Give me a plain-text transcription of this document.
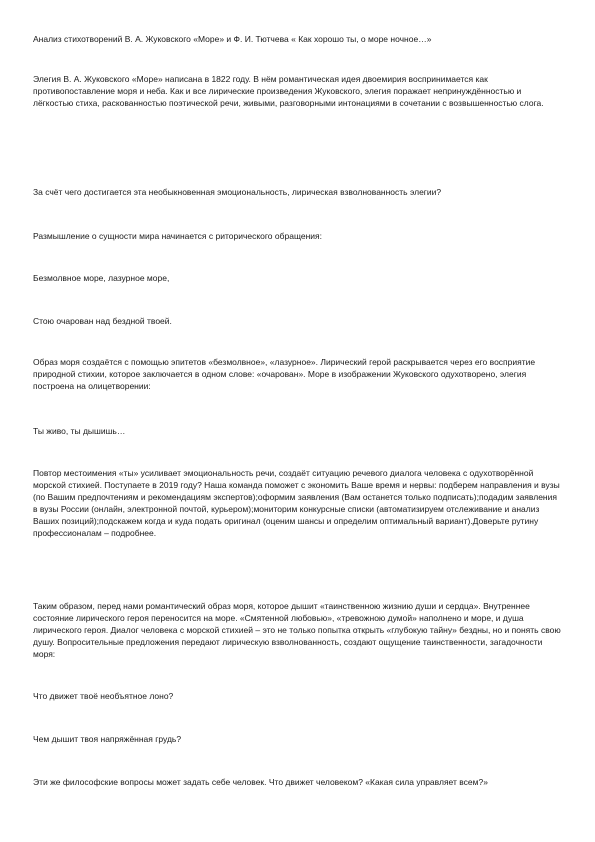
Анализ стихотворений В. А. Жуковского «Море» и Ф. И. Тютчева « Как хорошо ты, о море ночное…»

Элегия В. А. Жуковского «Море» написана в 1822 году. В нём романтическая идея двоемирия воспринимается как противопоставление моря и неба. Как и все лирические произведения Жуковского, элегия поражает непринуждённостью и лёгкостью стиха, раскованностью поэтической речи, живыми, разговорными интонациями в сочетании с возвышенностью слога.

За счёт чего достигается эта необыкновенная эмоциональность, лирическая взволнованность элегии?

Размышление о сущности мира начинается с риторического обращения:

Безмолвное море, лазурное море,

Стою очарован над бездной твоей.

Образ моря создаётся с помощью эпитетов «безмолвное», «лазурное». Лирический герой раскрывается через его восприятие природной стихии, которое заключается в одном слове: «очарован». Море в изображении Жуковского одухотворено, элегия построена на олицетворении:

Ты живо, ты дышишь…

Повтор местоимения «ты» усиливает эмоциональность речи, создаёт ситуацию речевого диалога человека с одухотворённой морской стихией. Поступаете в 2019 году? Наша команда поможет с экономить Ваше время и нервы: подберем направления и вузы (по Вашим предпочтениям и рекомендациям экспертов);оформим заявления (Вам останется только подписать);подадим заявления в вузы России (онлайн, электронной почтой, курьером);мониторим конкурсные списки (автоматизируем отслеживание и анализ Ваших позиций);подскажем когда и куда подать оригинал (оценим шансы и определим оптимальный вариант).Доверьте рутину профессионалам – подробнее.

Таким образом, перед нами романтический образ моря, которое дышит «таинственною жизнию души и сердца». Внутреннее состояние лирического героя переносится на море. «Смятенной любовью», «тревожною думой» наполнено и море, и душа лирического героя. Диалог человека с морской стихией – это не только попытка открыть «глубокую тайну» бездны, но и понять свою душу. Вопросительные предложения передают лирическую взволнованность, создают ощущение таинственности, загадочности моря:

Что движет твоё необъятное лоно?

Чем дышит твоя напряжённая грудь?

Эти же философские вопросы может задать себе человек. Что движет человеком? «Какая сила управляет всем?»
